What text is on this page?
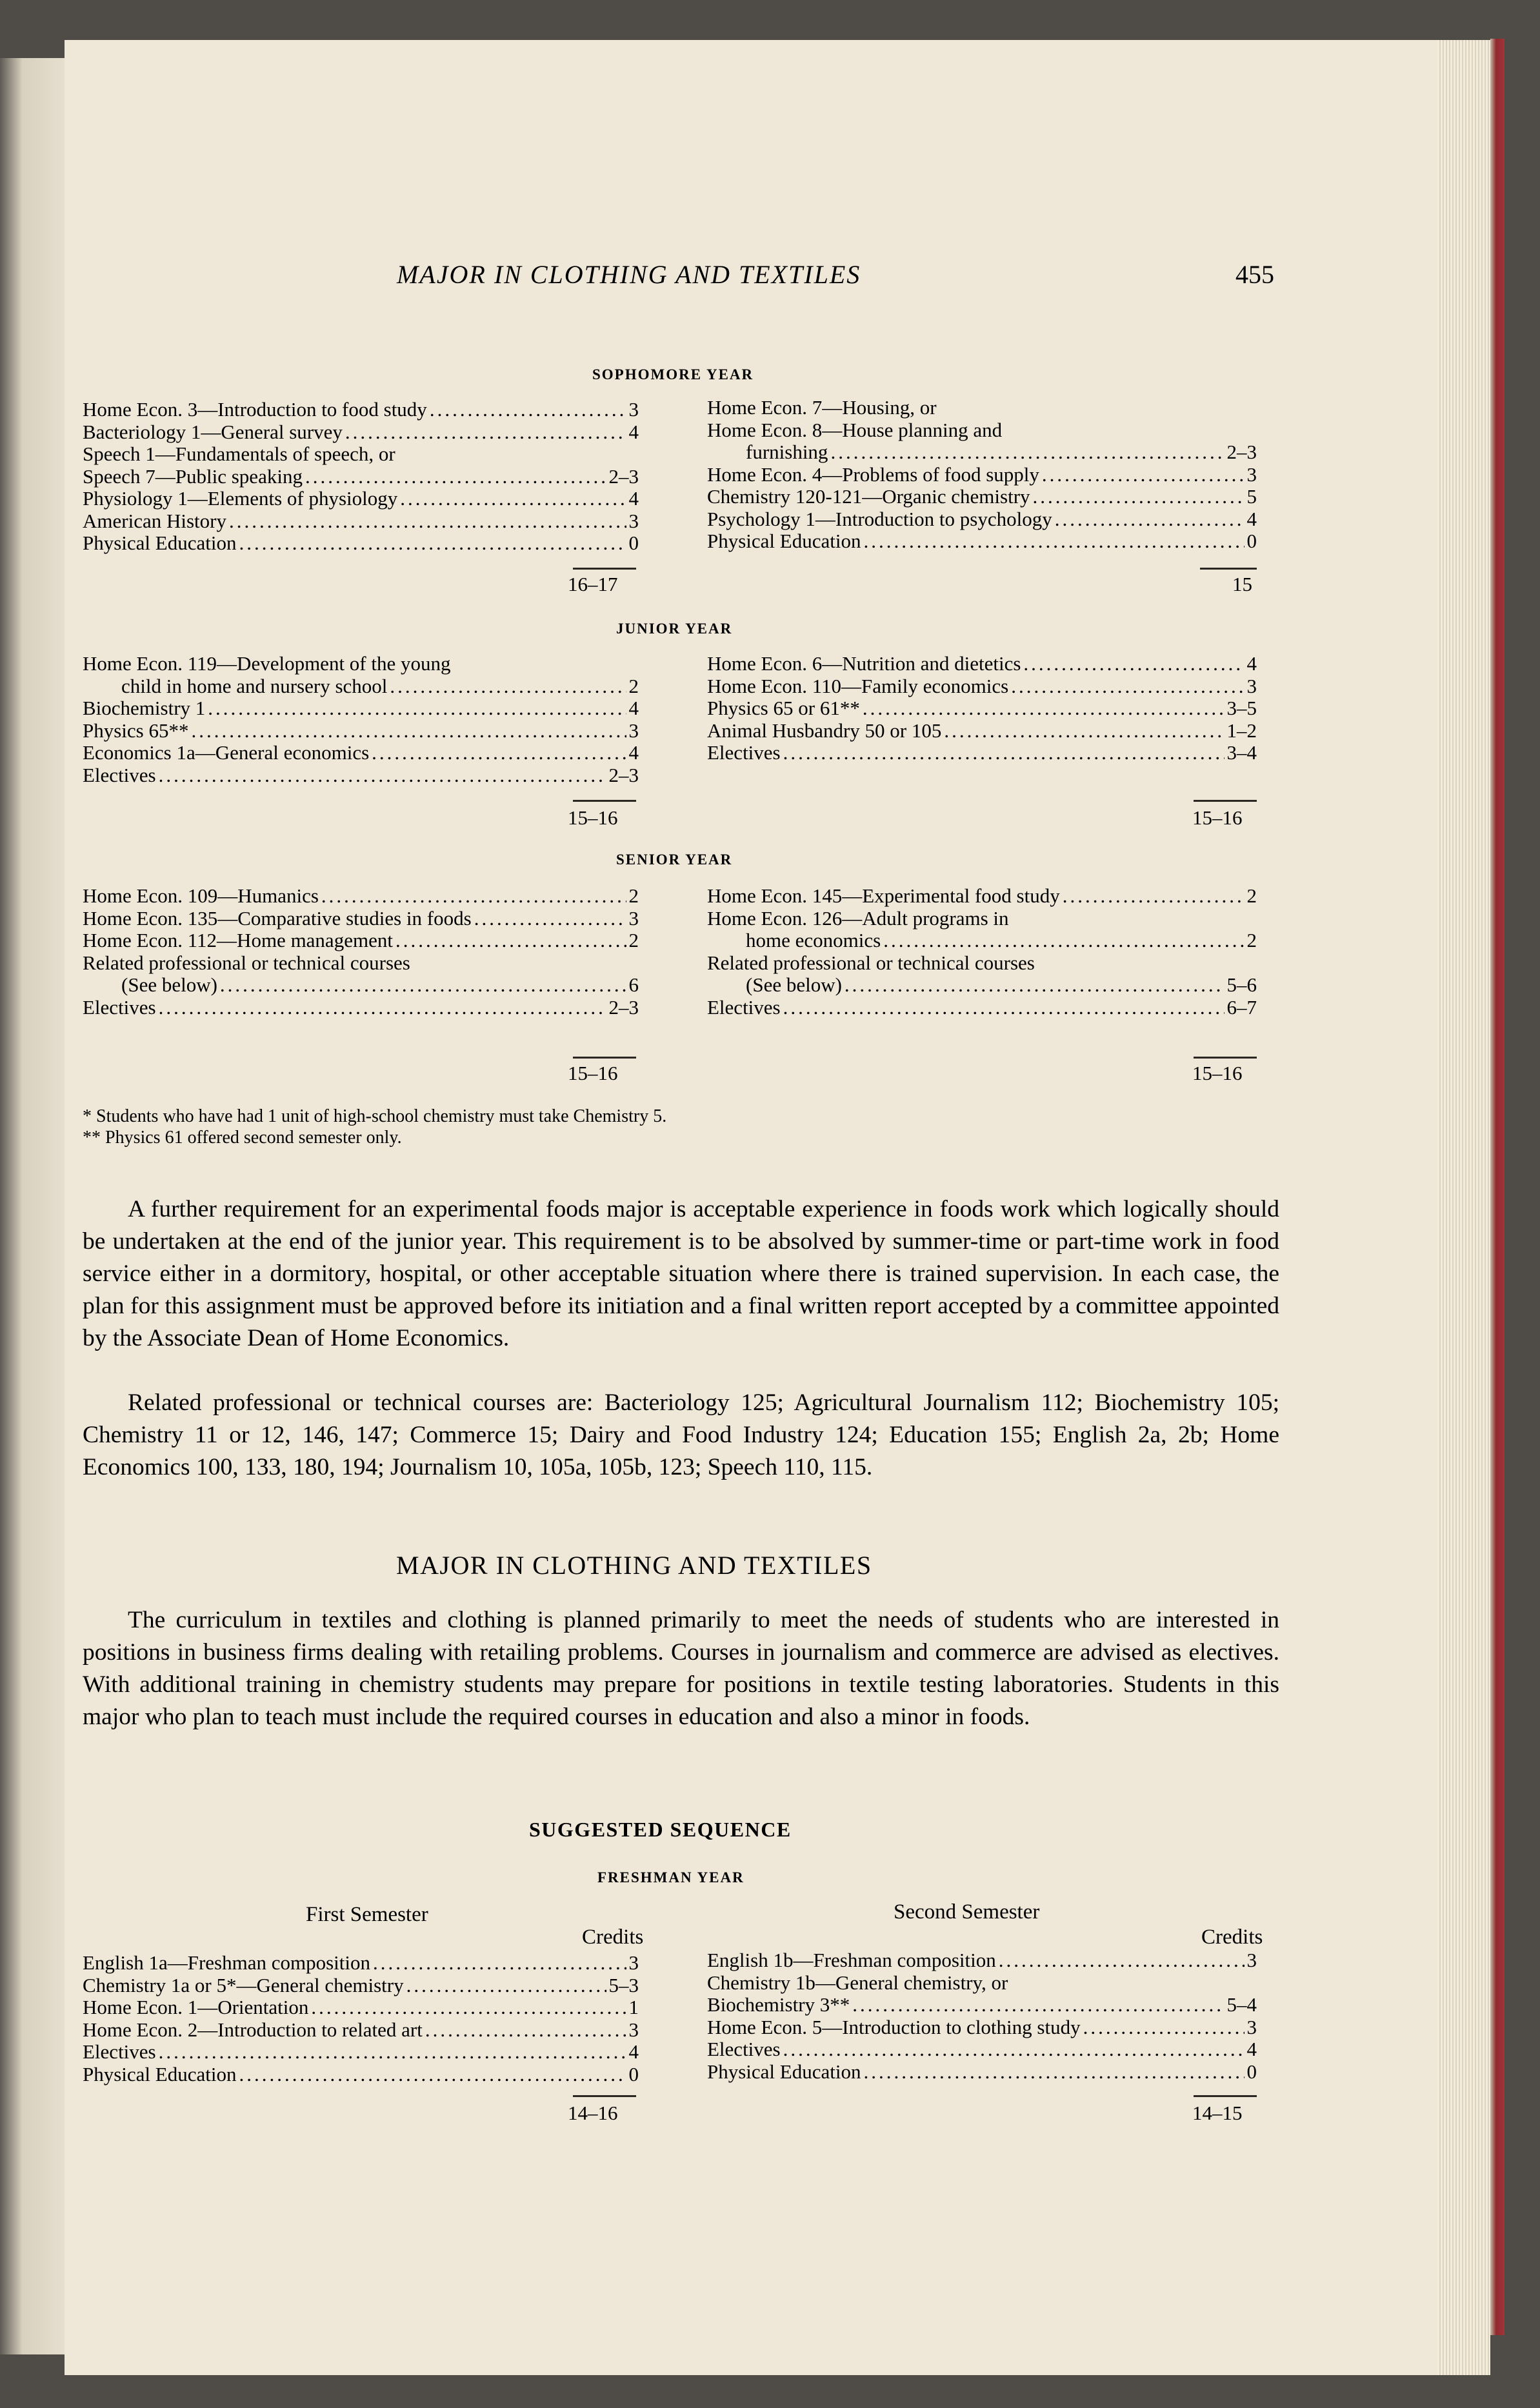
MAJOR IN CLOTHING AND TEXTILES	455
SOPHOMORE YEAR
Home Econ. 3—Introduction to food study .....	3
Bacteriology 1—General survey .....	4
Speech 1—Fundamentals of speech, or
Speech 7—Public speaking .....	2–3
Physiology 1—Elements of physiology .....	4
American History .....	3
Physical Education .....	0
Home Econ. 7—Housing, or
Home Econ. 8—House planning and
furnishing .....	2–3
Home Econ. 4—Problems of food supply .....	3
Chemistry 120-121—Organic chemistry .....	5
Psychology 1—Introduction to psychology .....	4
Physical Education .....	0
16–17	15
JUNIOR YEAR
Home Econ. 119—Development of the young
child in home and nursery school .....	2
Biochemistry 1 .....	4
Physics 65** .....	3
Economics 1a—General economics .....	4
Electives .....	2–3
Home Econ. 6—Nutrition and dietetics .....	4
Home Econ. 110—Family economics .....	3
Physics 65 or 61** .....	3–5
Animal Husbandry 50 or 105 .....	1–2
Electives .....	3–4
15–16	15–16
SENIOR YEAR
Home Econ. 109—Humanics .....	2
Home Econ. 135—Comparative studies in foods .....	3
Home Econ. 112—Home management .....	2
Related professional or technical courses
(See below) .....	6
Electives .....	2–3
Home Econ. 145—Experimental food study .....	2
Home Econ. 126—Adult programs in
home economics .....	2
Related professional or technical courses
(See below) .....	5–6
Electives .....	6–7
15–16	15–16
* Students who have had 1 unit of high-school chemistry must take Chemistry 5.
** Physics 61 offered second semester only.

A further requirement for an experimental foods major is acceptable experience in foods work which logically should be undertaken at the end of the junior year. This requirement is to be absolved by summer-time or part-time work in food service either in a dormitory, hospital, or other acceptable situation where there is trained supervision. In each case, the plan for this assignment must be approved before its initiation and a final written report accepted by a committee appointed by the Associate Dean of Home Economics.

Related professional or technical courses are: Bacteriology 125; Agricultural Journalism 112; Biochemistry 105; Chemistry 11 or 12, 146, 147; Commerce 15; Dairy and Food Industry 124; Education 155; English 2a, 2b; Home Economics 100, 133, 180, 194; Journalism 10, 105a, 105b, 123; Speech 110, 115.

MAJOR IN CLOTHING AND TEXTILES

The curriculum in textiles and clothing is planned primarily to meet the needs of students who are interested in positions in business firms dealing with retailing problems. Courses in journalism and commerce are advised as electives. With additional training in chemistry students may prepare for positions in textile testing laboratories. Students in this major who plan to teach must include the required courses in education and also a minor in foods.

SUGGESTED SEQUENCE
FRESHMAN YEAR
First Semester	Second Semester
Credits	Credits
English 1a—Freshman composition .....	3
Chemistry 1a or 5*—General chemistry .....	5–3
Home Econ. 1—Orientation .....	1
Home Econ. 2—Introduction to related art .....	3
Electives .....	4
Physical Education .....	0
English 1b—Freshman composition .....	3
Chemistry 1b—General chemistry, or
Biochemistry 3** .....	5–4
Home Econ. 5—Introduction to clothing study .....	3
Electives .....	4
Physical Education .....	0
14–16	14–15
